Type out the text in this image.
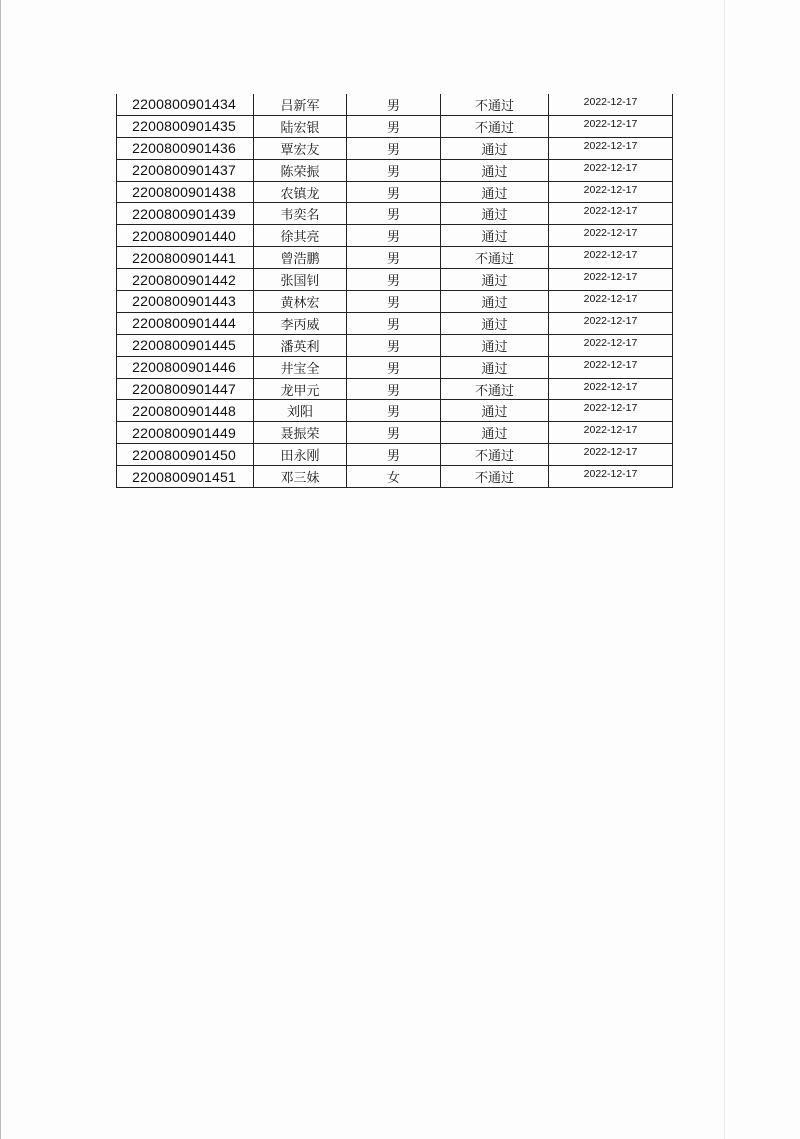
2200800901434	吕新军	男	不通过	2022-12-17
2200800901435	陆宏银	男	不通过	2022-12-17
2200800901436	覃宏友	男	通过	2022-12-17
2200800901437	陈荣振	男	通过	2022-12-17
2200800901438	农镇龙	男	通过	2022-12-17
2200800901439	韦奕名	男	通过	2022-12-17
2200800901440	徐其亮	男	通过	2022-12-17
2200800901441	曾浩鹏	男	不通过	2022-12-17
2200800901442	张国钊	男	通过	2022-12-17
2200800901443	黄林宏	男	通过	2022-12-17
2200800901444	李丙威	男	通过	2022-12-17
2200800901445	潘英利	男	通过	2022-12-17
2200800901446	井宝全	男	通过	2022-12-17
2200800901447	龙甲元	男	不通过	2022-12-17
2200800901448	刘阳	男	通过	2022-12-17
2200800901449	聂振荣	男	通过	2022-12-17
2200800901450	田永刚	男	不通过	2022-12-17
2200800901451	邓三妹	女	不通过	2022-12-17
